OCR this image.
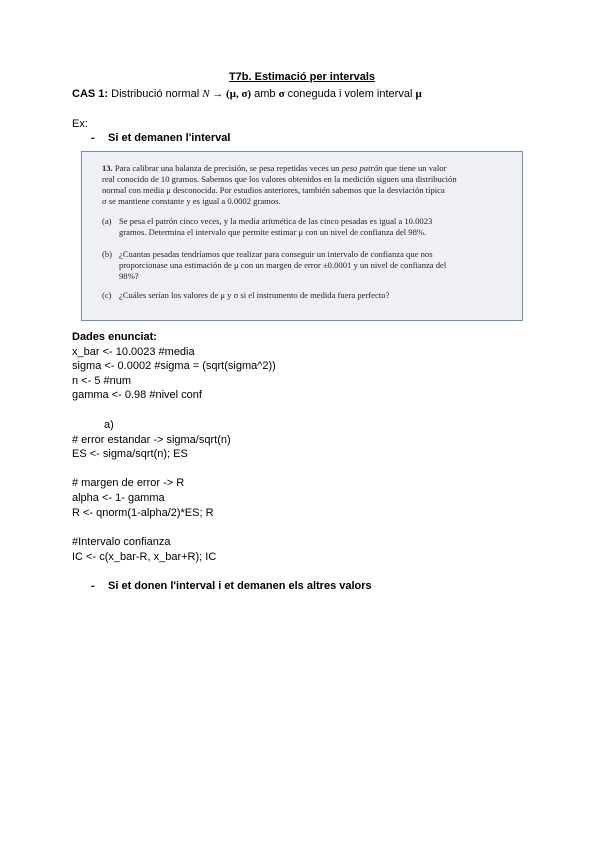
T7b. Estimació per intervals
CAS 1: Distribució normal N → (μ, σ) amb σ coneguda i volem interval μ
Ex:
- Si et demanen l'interval
13. Para calibrar una balanza de precisión, se pesa repetidas veces un peso patrón que tiene un valor
real conocido de 10 gramos. Sabemos que los valores obtenidos en la medición siguen una distribución
normal con media μ desconocida. Por estudios anteriores, también sabemos que la desviación típica
σ se mantiene constante y es igual a 0.0002 gramos.
(a) Se pesa el patrón cinco veces, y la media aritmética de las cinco pesadas es igual a 10.0023
gramos. Determina el intervalo que permite estimar μ con un nivel de confianza del 98%.
(b) ¿Cuantas pesadas tendríamos que realizar para conseguir un intervalo de confianza que nos
proporcionase una estimación de μ con un margen de error ±0.0001 y un nivel de confianza del
98%?
(c) ¿Cuáles serían los valores de μ y σ si el instrumento de medida fuera perfecto?
Dades enunciat:
x_bar <- 10.0023 #media
sigma <- 0.0002 #sigma = (sqrt(sigma^2))
n <- 5 #num
gamma <- 0.98 #nivel conf
a)
# error estandar -> sigma/sqrt(n)
ES <- sigma/sqrt(n); ES
# margen de error -> R
alpha <- 1- gamma
R <- qnorm(1-alpha/2)*ES; R
#Intervalo confianza
IC <- c(x_bar-R, x_bar+R); IC
- Si et donen l'interval i et demanen els altres valors
